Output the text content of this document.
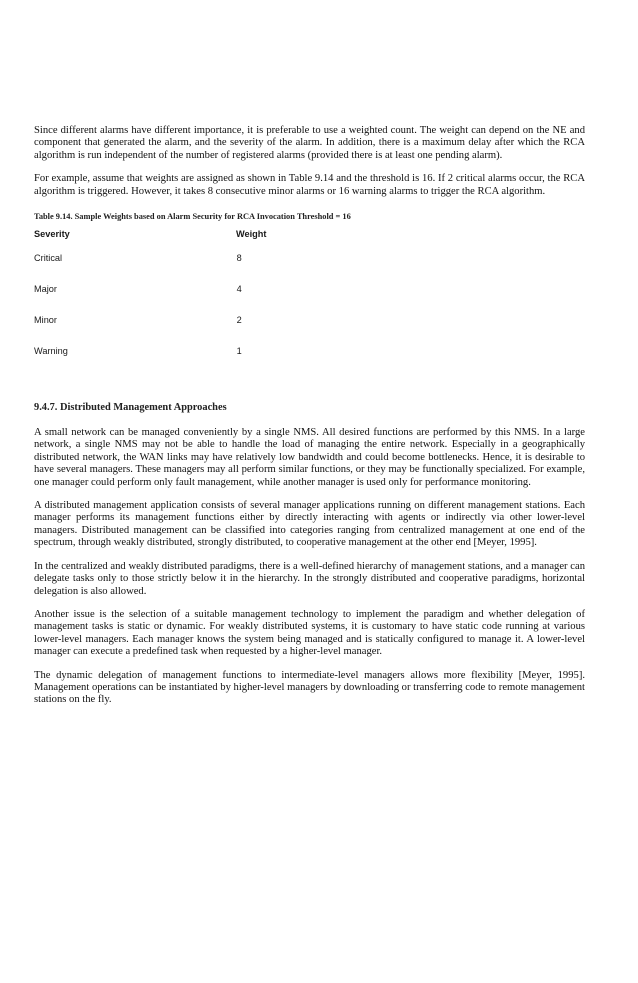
Since different alarms have different importance, it is preferable to use a weighted count. The weight can depend on the NE and component that generated the alarm, and the severity of the alarm. In addition, there is a maximum delay after which the RCA algorithm is run independent of the number of registered alarms (provided there is at least one pending alarm).

For example, assume that weights are assigned as shown in Table 9.14 and the threshold is 16. If 2 critical alarms occur, the RCA algorithm is triggered. However, it takes 8 consecutive minor alarms or 16 warning alarms to trigger the RCA algorithm.

Table 9.14. Sample Weights based on Alarm Security for RCA Invocation Threshold = 16
Severity	Weight
Critical	8
Major	4
Minor	2
Warning	1
9.4.7. Distributed Management Approaches

A small network can be managed conveniently by a single NMS. All desired functions are performed by this NMS. In a large network, a single NMS may not be able to handle the load of managing the entire network. Especially in a geographically distributed network, the WAN links may have relatively low bandwidth and could become bottlenecks. Hence, it is desirable to have several managers. These managers may all perform similar functions, or they may be functionally specialized. For example, one manager could perform only fault management, while another manager is used only for performance monitoring.

A distributed management application consists of several manager applications running on different management stations. Each manager performs its management functions either by directly interacting with agents or indirectly via other lower-level managers. Distributed management can be classified into categories ranging from centralized management at one end of the spectrum, through weakly distributed, strongly distributed, to cooperative management at the other end [Meyer, 1995].

In the centralized and weakly distributed paradigms, there is a well-defined hierarchy of management stations, and a manager can delegate tasks only to those strictly below it in the hierarchy. In the strongly distributed and cooperative paradigms, horizontal delegation is also allowed.

Another issue is the selection of a suitable management technology to implement the paradigm and whether delegation of management tasks is static or dynamic. For weakly distributed systems, it is customary to have static code running at various lower-level managers. Each manager knows the system being managed and is statically configured to manage it. A lower-level manager can execute a predefined task when requested by a higher-level manager.

The dynamic delegation of management functions to intermediate-level managers allows more flexibility [Meyer, 1995]. Management operations can be instantiated by higher-level managers by downloading or transferring code to remote management stations on the fly.
